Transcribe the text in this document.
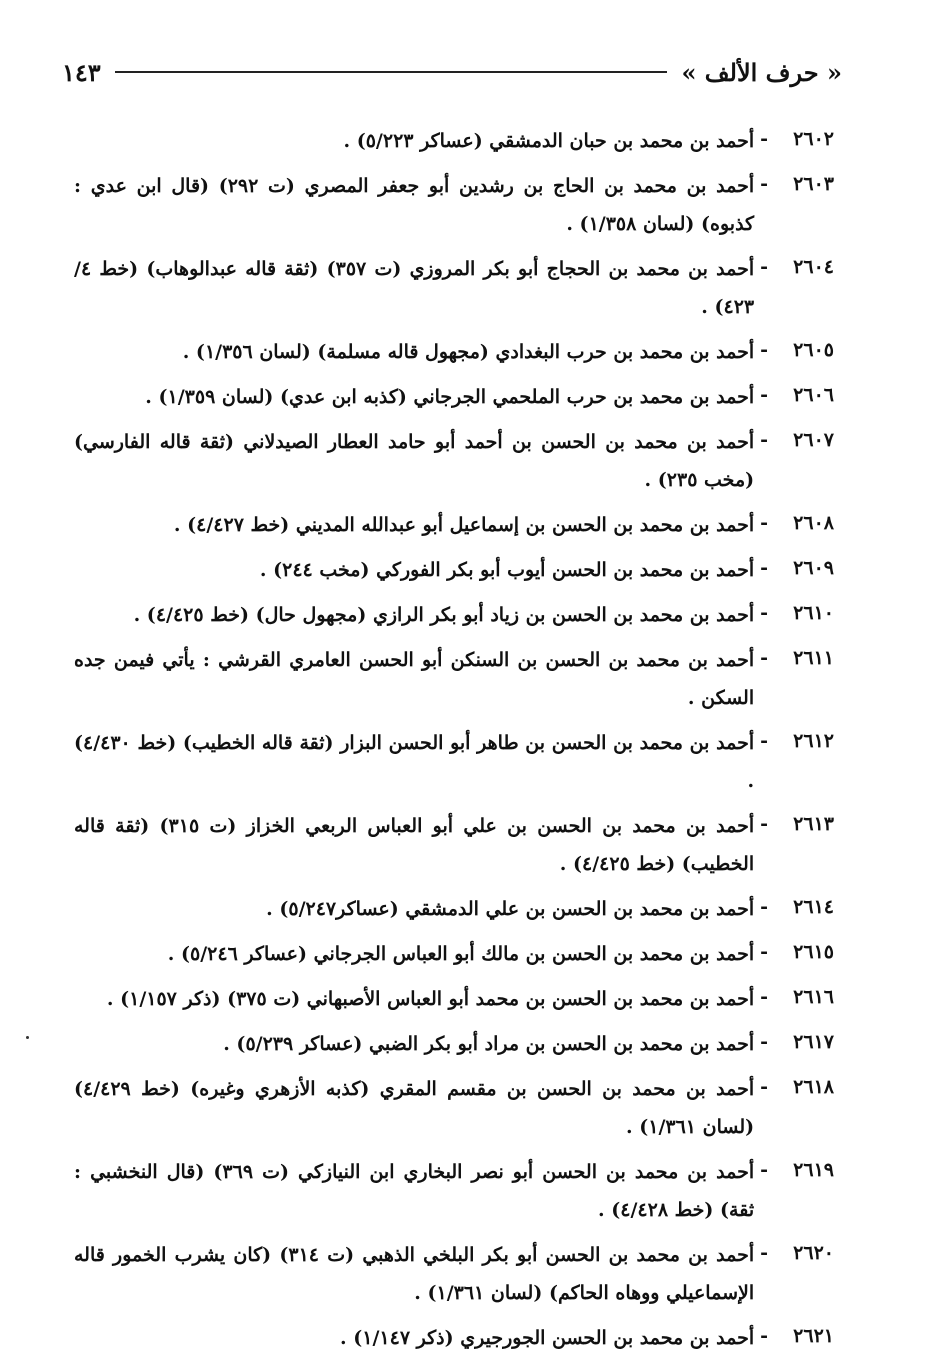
« حرف الألف »
١٤٣
٢٦٠٢
-
أحمد بن محمد بن حبان الدمشقي (عساكر ٥/٢٢٣) .
٢٦٠٣
-
أحمد بن محمد بن الحاج بن رشدين أبو جعفر المصري (ت ٢٩٢) (قال ابن عدي : كذبوه) (لسان ١/٣٥٨) .
٢٦٠٤
-
أحمد بن محمد بن الحجاج أبو بكر المروزي (ت ٣٥٧) (ثقة قاله عبدالوهاب) (خط ٤/ ٤٢٣) .
٢٦٠٥
-
أحمد بن محمد بن حرب البغدادي (مجهول قاله مسلمة) (لسان ١/٣٥٦) .
٢٦٠٦
-
أحمد بن محمد بن حرب الملحمي الجرجاني (كذبه ابن عدي) (لسان ١/٣٥٩) .
٢٦٠٧
-
أحمد بن محمد بن الحسن بن أحمد أبو حامد العطار الصيدلاني (ثقة قاله الفارسي) (مخب ٢٣٥) .
٢٦٠٨
-
أحمد بن محمد بن الحسن بن إسماعيل أبو عبدالله المديني (خط ٤/٤٢٧) .
٢٦٠٩
-
أحمد بن محمد بن الحسن أيوب أبو بكر الفوركي (مخب ٢٤٤) .
٢٦١٠
-
أحمد بن محمد بن الحسن بن زياد أبو بكر الرازي (مجهول حال) (خط ٤/٤٢٥) .
٢٦١١
-
أحمد بن محمد بن الحسن بن السنكن أبو الحسن العامري القرشي : يأتي فيمن جده السكن .
٢٦١٢
-
أحمد بن محمد بن الحسن بن طاهر أبو الحسن البزار (ثقة قاله الخطيب) (خط ٤/٤٣٠) .
٢٦١٣
-
أحمد بن محمد بن الحسن بن علي أبو العباس الربعي الخزاز (ت ٣١٥) (ثقة قاله الخطيب) (خط ٤/٤٢٥) .
٢٦١٤
-
أحمد بن محمد بن الحسن بن علي الدمشقي (عساكر٥/٢٤٧) .
٢٦١٥
-
أحمد بن محمد بن الحسن بن مالك أبو العباس الجرجاني (عساكر ٥/٢٤٦) .
٢٦١٦
-
أحمد بن محمد بن الحسن بن محمد أبو العباس الأصبهاني (ت ٣٧٥) (ذكر ١/١٥٧) .
٢٦١٧
-
أحمد بن محمد بن الحسن بن مراد أبو بكر الضبي (عساكر ٥/٢٣٩) .
٢٦١٨
-
أحمد بن محمد بن الحسن بن مقسم المقري (كذبه الأزهري وغيره) (خط ٤/٤٢٩) (لسان ١/٣٦١) .
٢٦١٩
-
أحمد بن محمد بن الحسن أبو نصر البخاري ابن النيازكي (ت ٣٦٩) (قال النخشبي : ثقة) (خط ٤/٤٢٨) .
٢٦٢٠
-
أحمد بن محمد بن الحسن أبو بكر البلخي الذهبي (ت ٣١٤) (كان يشرب الخمور قاله الإسماعيلي ووهاه الحاكم) (لسان ١/٣٦١) .
٢٦٢١
-
أحمد بن محمد بن الحسن الجورجيري (ذكر ١/١٤٧) .
